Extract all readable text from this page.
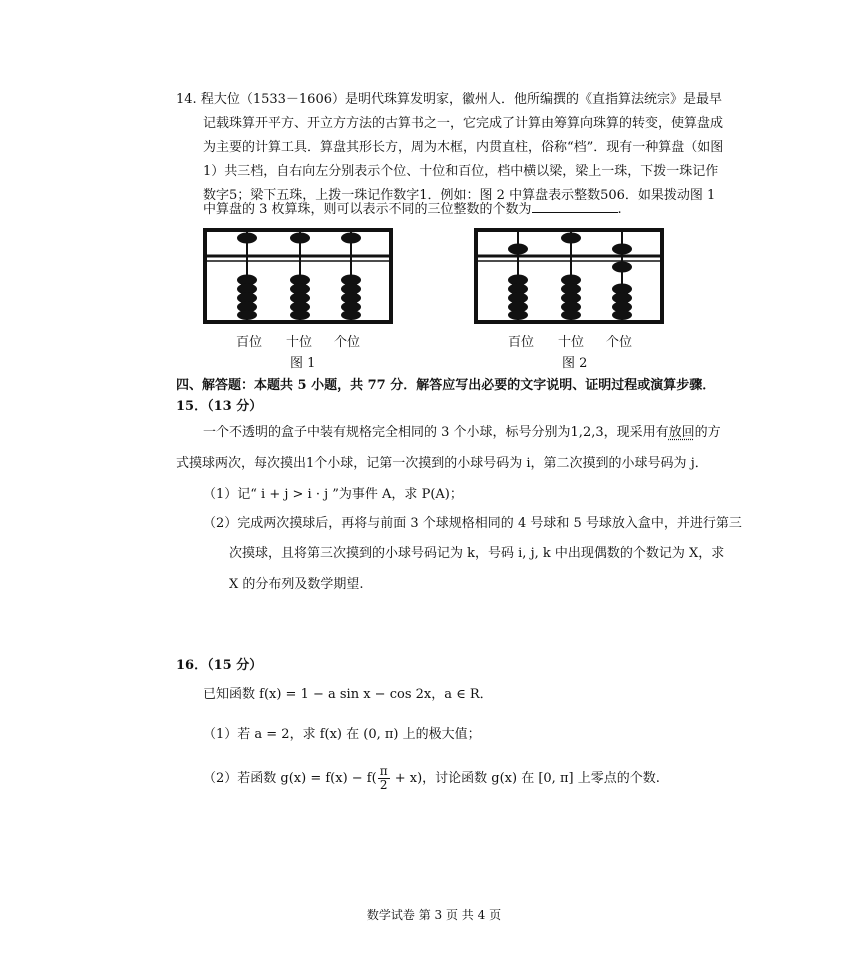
14. 程大位（1533－1606）是明代珠算发明家，徽州人．他所编撰的《直指算法统宗》是最早
记载珠算开平方、开立方方法的古算书之一，它完成了计算由筹算向珠算的转变，使算盘成
为主要的计算工具．算盘其形长方，周为木框，内贯直柱，俗称“档”．现有一种算盘（如图
1）共三档，自右向左分别表示个位、十位和百位，档中横以梁，梁上一珠，下拨一珠记作
数字5；梁下五珠，上拨一珠记作数字1．例如：图 2 中算盘表示整数506．如果拨动图 1
中算盘的 3 枚算珠，则可以表示不同的三位整数的个数为	.
百位 十位 个位
图 1
百位 十位 个位
图 2
四、解答题：本题共 5 小题，共 77 分．解答应写出必要的文字说明、证明过程或演算步骤．
15．（13 分）
一个不透明的盒子中装有规格完全相同的 3 个小球，标号分别为1,2,3，现采用有放回的方
式摸球两次，每次摸出1个小球，记第一次摸到的小球号码为 i，第二次摸到的小球号码为 j．
（1）记“ i + j > i · j ”为事件 A，求 P(A)；
（2）完成两次摸球后，再将与前面 3 个球规格相同的 4 号球和 5 号球放入盒中，并进行第三
次摸球，且将第三次摸到的小球号码记为 k，号码 i, j, k 中出现偶数的个数记为 X，求
X 的分布列及数学期望.
16．（15 分）
已知函数 f(x) = 1 − a sin x − cos 2x，a ∈ R．
（1）若 a = 2，求 f(x) 在 (0, π) 上的极大值；
（2）若函数 $g(x) = f(x) - f( \frac{\pi}{2} + x)$，讨论函数 g(x) 在 [0, π] 上零点的个数.
数学试卷 第 3 页 共 4 页
